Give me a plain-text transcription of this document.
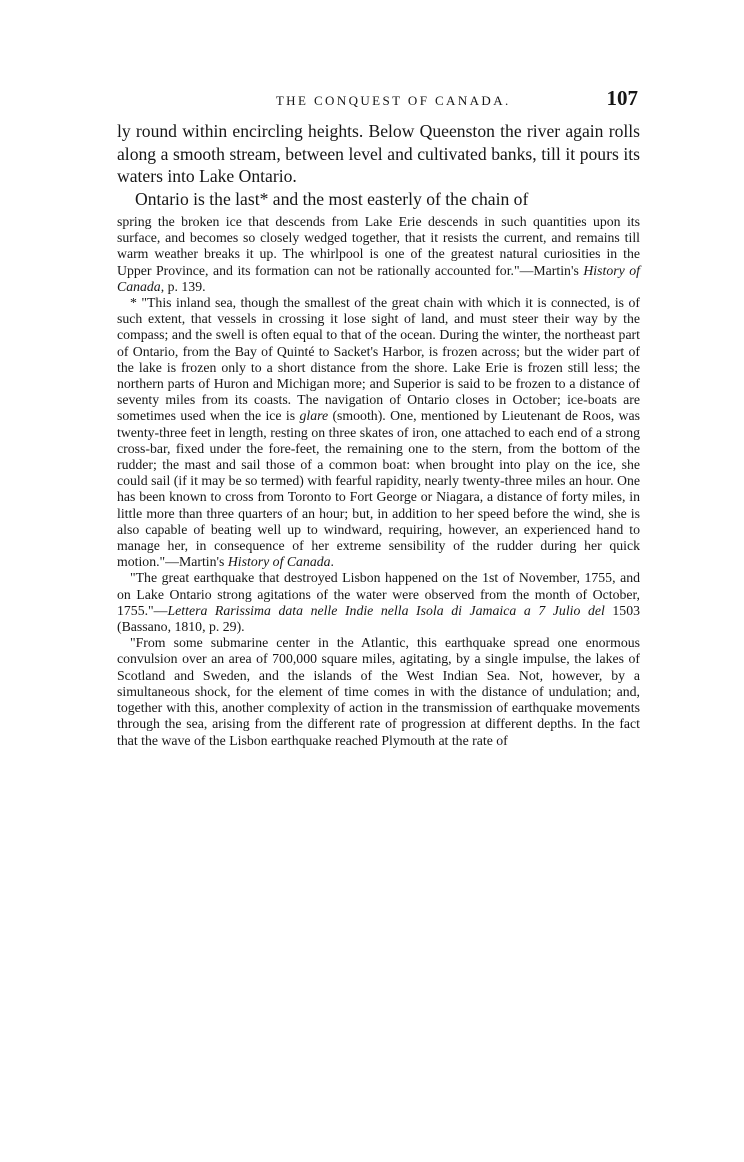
THE CONQUEST OF CANADA.	107

ly round within encircling heights. Below Queenston the river again rolls along a smooth stream, between level and cultivated banks, till it pours its waters into Lake Ontario.

Ontario is the last* and the most easterly of the chain of

spring the broken ice that descends from Lake Erie descends in such quantities upon its surface, and becomes so closely wedged together, that it resists the current, and remains till warm weather breaks it up. The whirlpool is one of the greatest natural curiosities in the Upper Province, and its formation can not be rationally accounted for."—Martin's History of Canada, p. 139.

* "This inland sea, though the smallest of the great chain with which it is connected, is of such extent, that vessels in crossing it lose sight of land, and must steer their way by the compass; and the swell is often equal to that of the ocean. During the winter, the northeast part of Ontario, from the Bay of Quinté to Sacket's Harbor, is frozen across; but the wider part of the lake is frozen only to a short distance from the shore. Lake Erie is frozen still less; the northern parts of Huron and Michigan more; and Superior is said to be frozen to a distance of seventy miles from its coasts. The navigation of Ontario closes in October; ice-boats are sometimes used when the ice is glare (smooth). One, mentioned by Lieutenant de Roos, was twenty-three feet in length, resting on three skates of iron, one attached to each end of a strong cross-bar, fixed under the fore-feet, the remaining one to the stern, from the bottom of the rudder; the mast and sail those of a common boat: when brought into play on the ice, she could sail (if it may be so termed) with fearful rapidity, nearly twenty-three miles an hour. One has been known to cross from Toronto to Fort George or Niagara, a distance of forty miles, in little more than three quarters of an hour; but, in addition to her speed before the wind, she is also capable of beating well up to windward, requiring, however, an experienced hand to manage her, in consequence of her extreme sensibility of the rudder during her quick motion."—Martin's History of Canada.

"The great earthquake that destroyed Lisbon happened on the 1st of November, 1755, and on Lake Ontario strong agitations of the water were observed from the month of October, 1755."—Lettera Rarissima data nelle Indie nella Isola di Jamaica a 7 Julio del 1503 (Bassano, 1810, p. 29).

"From some submarine center in the Atlantic, this earthquake spread one enormous convulsion over an area of 700,000 square miles, agitating, by a single impulse, the lakes of Scotland and Sweden, and the islands of the West Indian Sea. Not, however, by a simultaneous shock, for the element of time comes in with the distance of undulation; and, together with this, another complexity of action in the transmission of earthquake movements through the sea, arising from the different rate of progression at different depths. In the fact that the wave of the Lisbon earthquake reached Plymouth at the rate of
